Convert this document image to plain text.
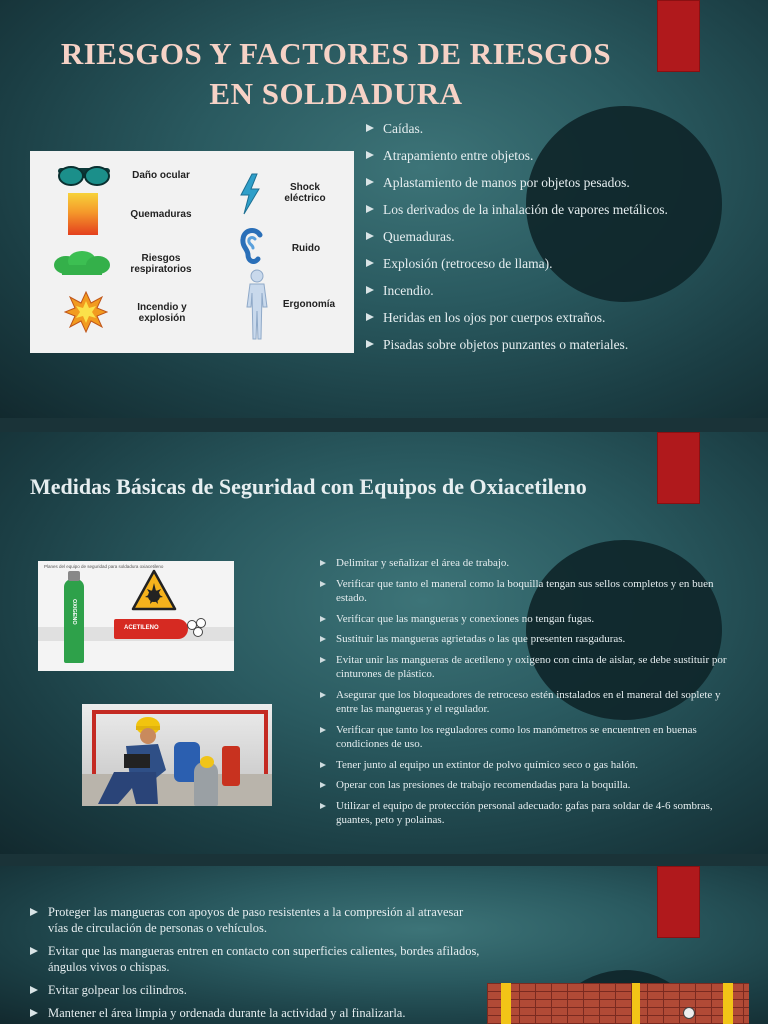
RIESGOS Y FACTORES DE RIESGOS
EN SOLDADURA
Daño ocular
Quemaduras
Riesgos
respiratorios
Incendio y
explosión
Shock
eléctrico
Ruido
Ergonomía
Caídas.
Atrapamiento entre objetos.
Aplastamiento de manos por objetos pesados.
Los derivados de la inhalación de vapores metálicos.
Quemaduras.
Explosión (retroceso de llama).
Incendio.
Heridas en los ojos por cuerpos extraños.
Pisadas sobre objetos punzantes o materiales.
Medidas Básicas de Seguridad con Equipos de Oxiacetileno
Planes del equipo de seguridad para soldadura oxiacetileno
OXIGENO
ACETILENO
Delimitar y señalizar el área de trabajo.
Verificar que tanto el maneral como la boquilla tengan sus sellos completos y en buen estado.
Verificar que las mangueras y conexiones no tengan fugas.
Sustituir las mangueras agrietadas o las que presenten rasgaduras.
Evitar unir las mangueras de acetileno y oxigeno con cinta de aislar, se debe sustituir por cinturones de plástico.
Asegurar que los bloqueadores de retroceso estén instalados en el maneral del soplete y entre las mangueras y el regulador.
Verificar que tanto los reguladores como los manómetros se encuentren en buenas condiciones de uso.
Tener junto al equipo un extintor de polvo químico seco o gas halón.
Operar con las presiones de trabajo recomendadas para la boquilla.
Utilizar el equipo de protección personal adecuado: gafas para soldar de 4-6 sombras, guantes, peto y polainas.
Proteger las mangueras con apoyos de paso resistentes a la compresión al atravesar vías de circulación de personas o vehículos.
Evitar que las mangueras entren en contacto con superficies calientes, bordes afilados, ángulos vivos o chispas.
Evitar golpear los cilindros.
Mantener el área limpia y ordenada durante la actividad y al finalizarla.
